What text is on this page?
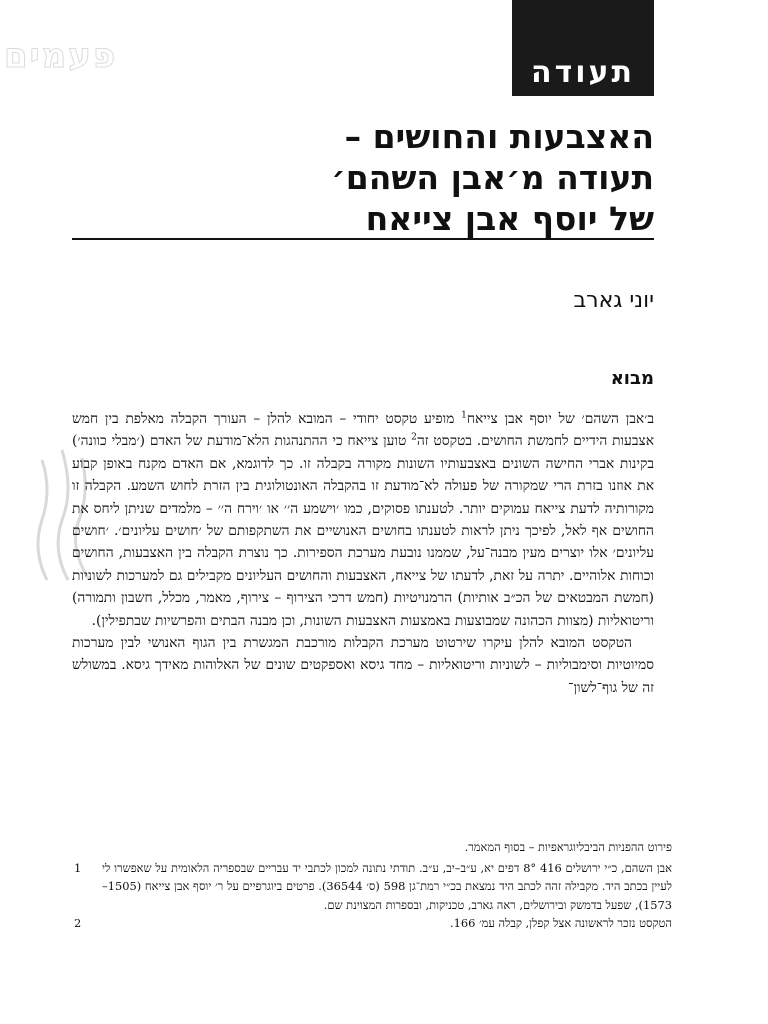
פעמים	תעודה
האצבעות והחושים –
תעודה מ׳אבן השהם׳
של יוסף אבן צייאח
יוני גארב
מבוא

ב׳אבן השהם׳ של יוסף אבן צייאח$^1$ מופיע טקסט יחודי – המובא להלן – העורך הקבלה מאלפת בין חמש אצבעות הידיים לחמשת החושים. בטקסט זה$^2$ טוען צייאח כי ההתנהגות הלא־מודעת של האדם (׳מבלי כוונה׳) בקינות אברי החישה השונים באצבעותיו השונות מקורה בקבלה זו. כך לדוגמא, אם האדם מקנח באופן קבוע את אוזנו בזרת הרי שמקורה של פעולה לא־מודעת זו בהקבלה האונטולוגית בין הזרת לחוש השמע. הקבלה זו מקורותיה לדעת צייאח עמוקים יותר. לטענתו פסוקים, כמו ׳וישמע ה׳׳ או ׳וירח ה׳׳ – מלמדים שניתן ליחס את החושים אף לאל, לפיכך ניתן לראות לטענתו בחושים האנושיים את השתקפותם של ׳חושים עליונים׳. ׳חושים עליונים׳ אלו יוצרים מעין מבנה־על, שממנו נובעת מערכת הספירות. כך נוצרת הקבלה בין האצבעות, החושים וכוחות אלוהיים. יתרה על זאת, לדעתו של צייאח, האצבעות והחושים העליונים מקבילים גם למערכות לשוניות (חמשת המבטאים של הכ״ב אותיות) הרמנויטיות (חמש דרכי הצירוף – צירוף, מאמר, מכלל, חשבון ותמורה) וריטואליות (מצוות הכהונה שמבוצעות באמצעות האצבעות השונות, וכן מבנה הבתים והפרשיות שבתפילין).

הטקסט המובא להלן עיקרו שירטוט מערכת הקבלות מורכבת המגשרת בין הגוף האנושי לבין מערכות סמיוטיות וסימבוליות – לשוניות וריטואליות – מחד גיסא ואספקטים שונים של האלוהות מאידך גיסא. במשולש זה של גוף־לשון־

פירוט ההפניות הביבליוגראפיות – בסוף המאמר.

אבן השהם, כ״י ירושלים 416 8° דפים יא, ע״ב–יב, ע״ב. תודתי נתונה למכון לכתבי יד עבריים שבספריה הלאומית על שאפשרו לי לעיין בכתב היד. מקבילה זהה לכתב היד נמצאת בכ״י רמת־גן 598 (ס׳ 36544). פרטים ביוגרפיים על ר׳ יוסף אבן צייאח (1505–1573), שפעל בדמשק ובירושלים, ראה גארב, טכניקות, ובספרות המצוינת שם.
1
הטקסט נזכר לראשונה אצל קפלן, קבלה עמ׳ 166.
2
